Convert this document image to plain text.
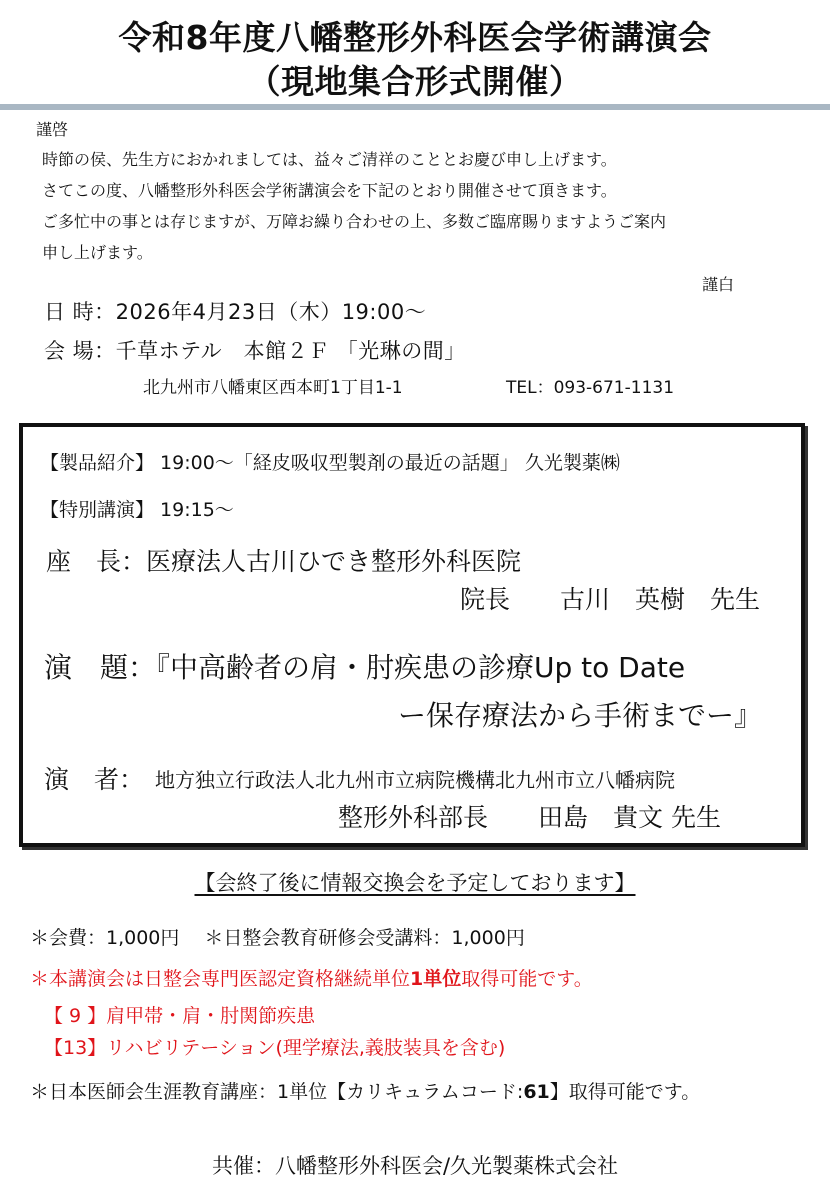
令和8年度八幡整形外科医会学術講演会
（現地集合形式開催）
謹啓
時節の侯、先生方におかれましては、益々ご清祥のこととお慶び申し上げます。
さてこの度、八幡整形外科医会学術講演会を下記のとおり開催させて頂きます。
ご多忙中の事とは存じますが、万障お繰り合わせの上、多数ご臨席賜りますようご案内
申し上げます。
謹白
日 時：2026年4月23日（木）19:00～
会 場：千草ホテル　本館２Ｆ 「光琳の間」
北九州市八幡東区西本町1丁目1-1	TEL：093-671-1131
【製品紹介】 19:00～「経皮吸収型製剤の最近の話題」 久光製薬㈱
【特別講演】 19:15～
座　長：医療法人古川ひでき整形外科医院
院長　　古川　英樹　先生
演　題：『中高齢者の肩・肘疾患の診療Up to Date
ー保存療法から手術までー』
演　者： 地方独立行政法人北九州市立病院機構北九州市立八幡病院
整形外科部長　　田島　貴文 先生
【会終了後に情報交換会を予定しております】
＊会費：1,000円　 ＊日整会教育研修会受講料：1,000円
＊本講演会は日整会専門医認定資格継続単位1単位取得可能です。
【 9 】肩甲帯・肩・肘関節疾患
【13】リハビリテーション(理学療法,義肢装具を含む)
＊日本医師会生涯教育講座：1単位【カリキュラムコード:61】取得可能です。
共催：八幡整形外科医会/久光製薬株式会社
